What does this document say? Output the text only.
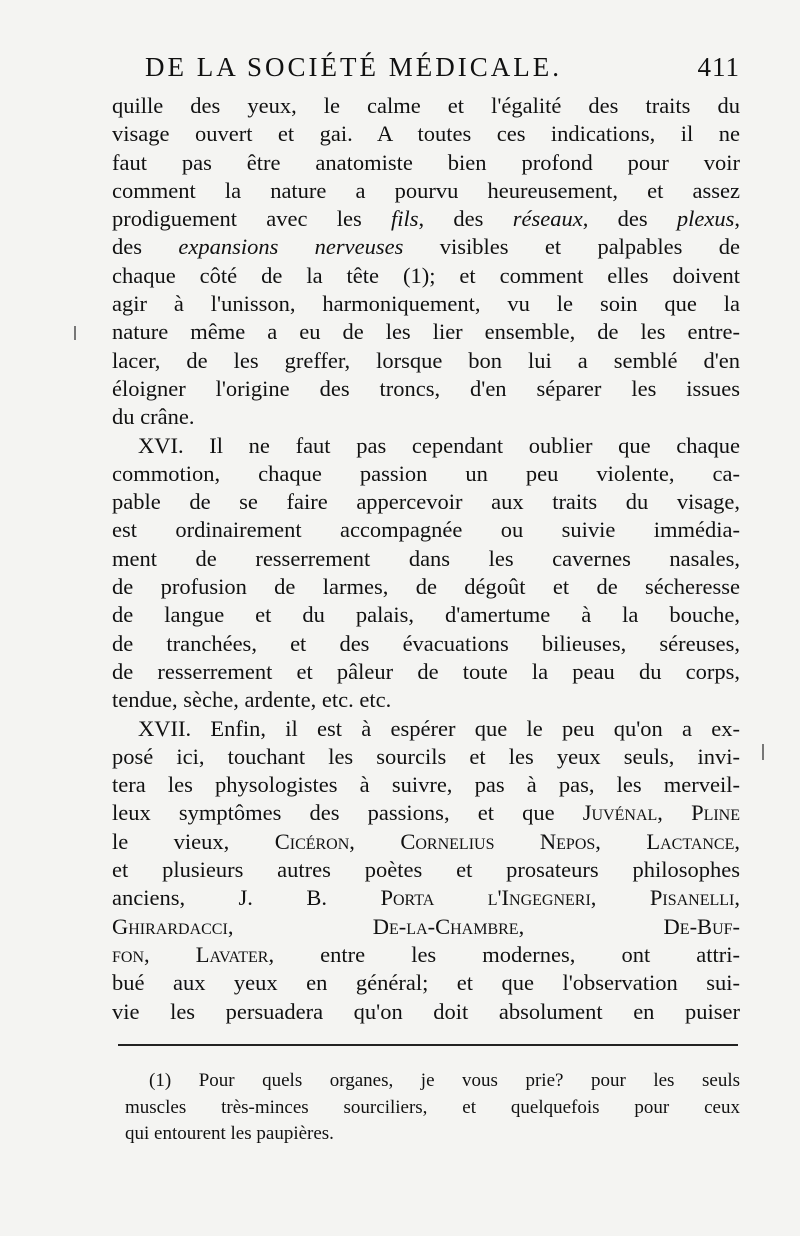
DE LA SOCIÉTÉ MÉDICALE.	411
quille des yeux, le calme et l'égalité des traits du
visage ouvert et gai. A toutes ces indications, il ne
faut pas être anatomiste bien profond pour voir
comment la nature a pourvu heureusement, et assez
prodiguement avec les fils, des réseaux, des plexus,
des expansions nerveuses visibles et palpables de
chaque côté de la tête (1); et comment elles doivent
agir à l'unisson, harmoniquement, vu le soin que la
nature même a eu de les lier ensemble, de les entre-
lacer, de les greffer, lorsque bon lui a semblé d'en
éloigner l'origine des troncs, d'en séparer les issues
du crâne.
XVI. Il ne faut pas cependant oublier que chaque
commotion, chaque passion un peu violente, ca-
pable de se faire appercevoir aux traits du visage,
est ordinairement accompagnée ou suivie immédia-
ment de resserrement dans les cavernes nasales,
de profusion de larmes, de dégoût et de sécheresse
de langue et du palais, d'amertume à la bouche,
de tranchées, et des évacuations bilieuses, séreuses,
de resserrement et pâleur de toute la peau du corps,
tendue, sèche, ardente, etc. etc.
XVII. Enfin, il est à espérer que le peu qu'on a ex-
posé ici, touchant les sourcils et les yeux seuls, invi-
tera les physologistes à suivre, pas à pas, les merveil-
leux symptômes des passions, et que Juvénal, Pline
le vieux, Cicéron, Cornelius Nepos, Lactance,
et plusieurs autres poètes et prosateurs philosophes
anciens, J. B. Porta l'Ingegneri, Pisanelli,
Ghirardacci, De-la-Chambre, De-Buf-
fon, Lavater, entre les modernes, ont attri-
bué aux yeux en général; et que l'observation sui-
vie les persuadera qu'on doit absolument en puiser
(1) Pour quels organes, je vous prie? pour les seuls
muscles très-minces sourciliers, et quelquefois pour ceux
qui entourent les paupières.
